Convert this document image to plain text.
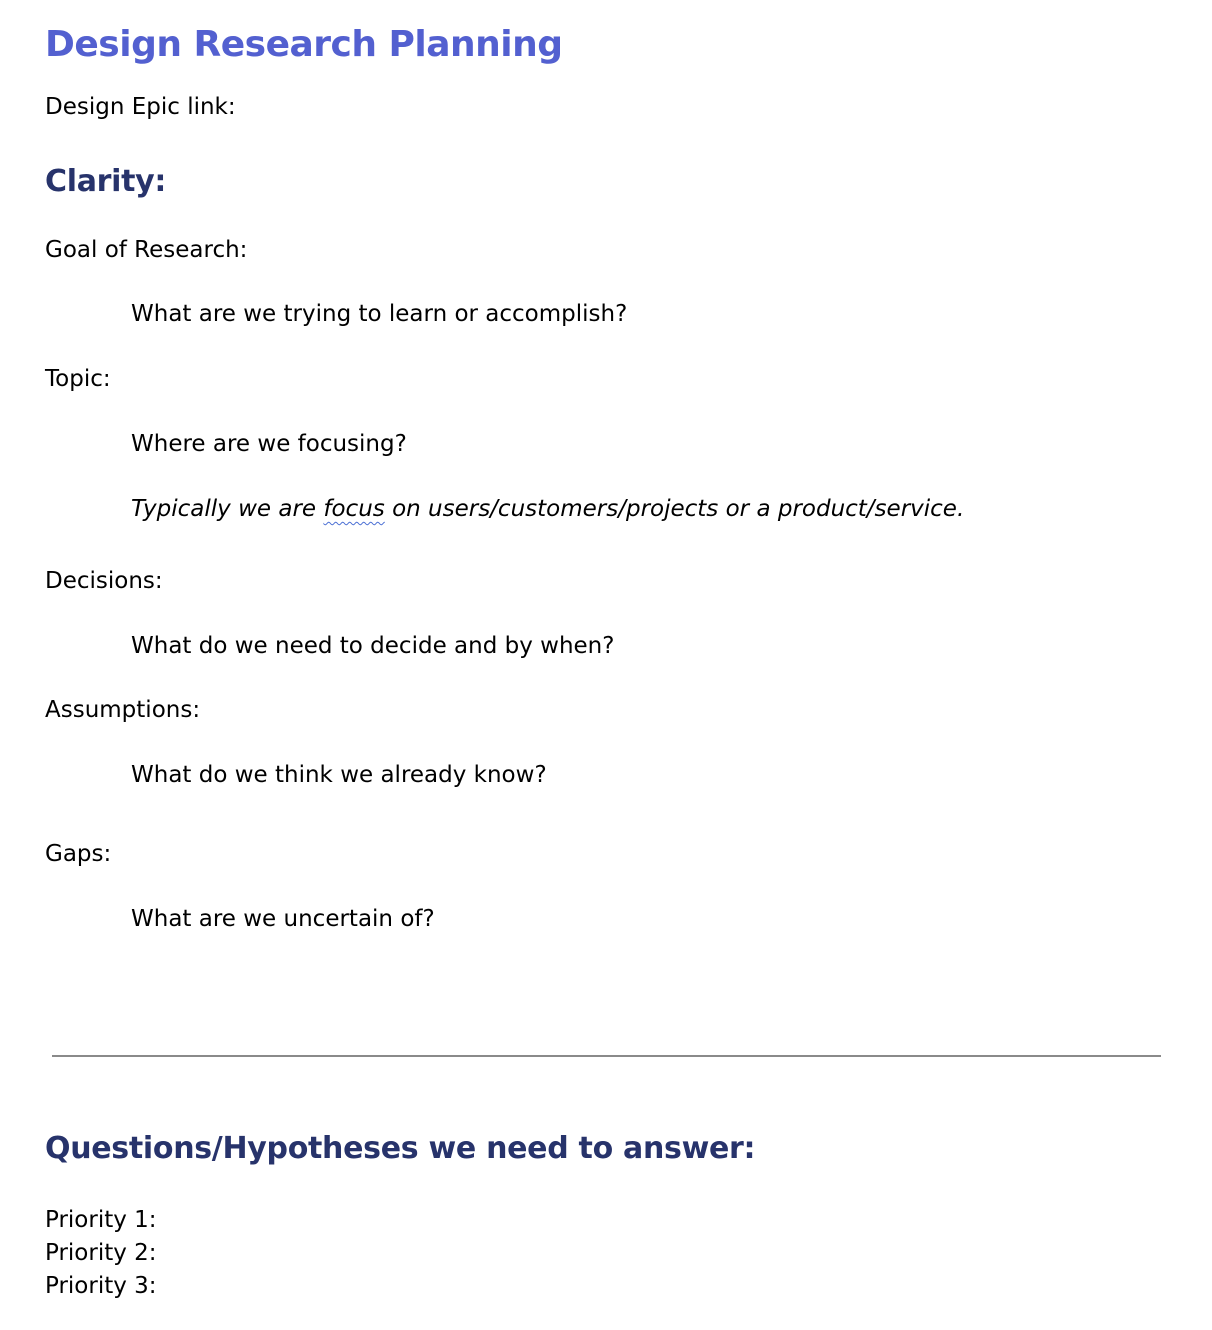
Design Research Planning
Design Epic link:
Clarity:
Goal of Research:
What are we trying to learn or accomplish?
Topic:
Where are we focusing?
Typically we are focus on users/customers/projects or a product/service.
Decisions:
What do we need to decide and by when?
Assumptions:
What do we think we already know?
Gaps:
What are we uncertain of?
Questions/Hypotheses we need to answer:
Priority 1:
Priority 2:
Priority 3:
